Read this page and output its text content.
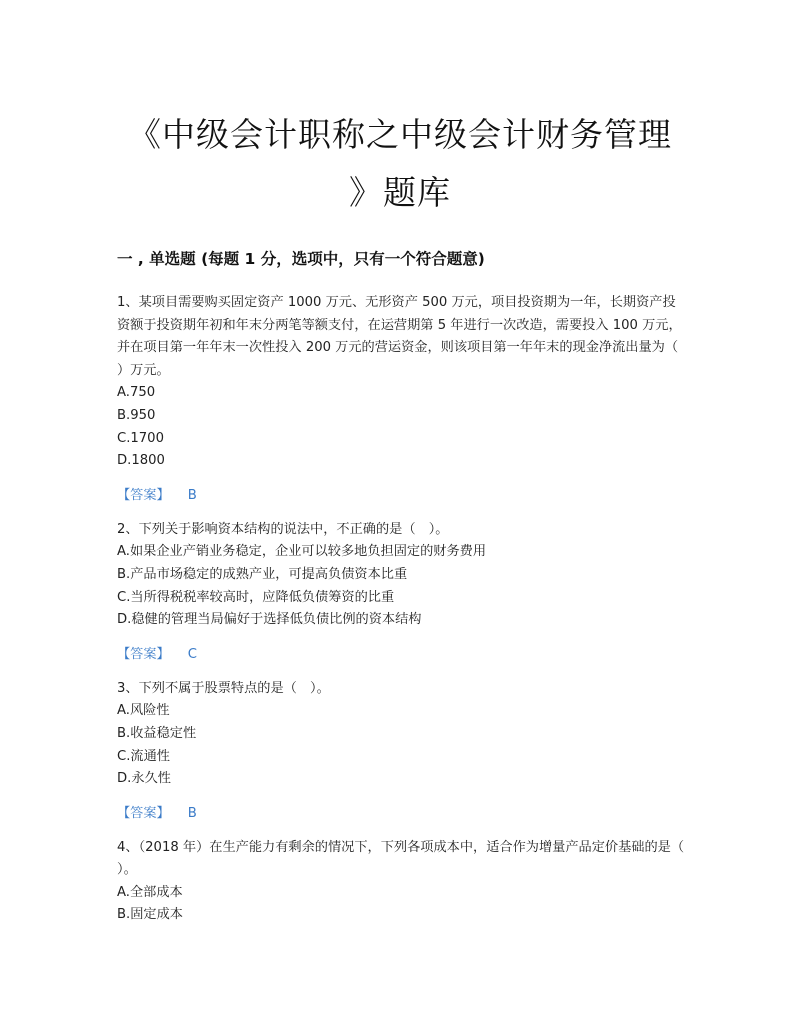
《中级会计职称之中级会计财务管理
》题库
一 , 单选题 (每题 1 分，选项中，只有一个符合题意)

1、某项目需要购买固定资产 1000 万元、无形资产 500 万元，项目投资期为一年，长期资产投资额于投资期年初和年末分两笔等额支付，在运营期第 5 年进行一次改造，需要投入 100 万元，并在项目第一年年末一次性投入 200 万元的营运资金，则该项目第一年年末的现金净流出量为（ ）万元。

A.750

B.950

C.1700

D.1800

【答案】 B

2、下列关于影响资本结构的说法中，不正确的是（　）。

A.如果企业产销业务稳定，企业可以较多地负担固定的财务费用

B.产品市场稳定的成熟产业，可提高负债资本比重

C.当所得税税率较高时，应降低负债筹资的比重

D.稳健的管理当局偏好于选择低负债比例的资本结构

【答案】 C

3、下列不属于股票特点的是（　）。

A.风险性

B.收益稳定性

C.流通性

D.永久性

【答案】 B

4、（2018 年）在生产能力有剩余的情况下，下列各项成本中，适合作为增量产品定价基础的是（ ）。

A.全部成本

B.固定成本
